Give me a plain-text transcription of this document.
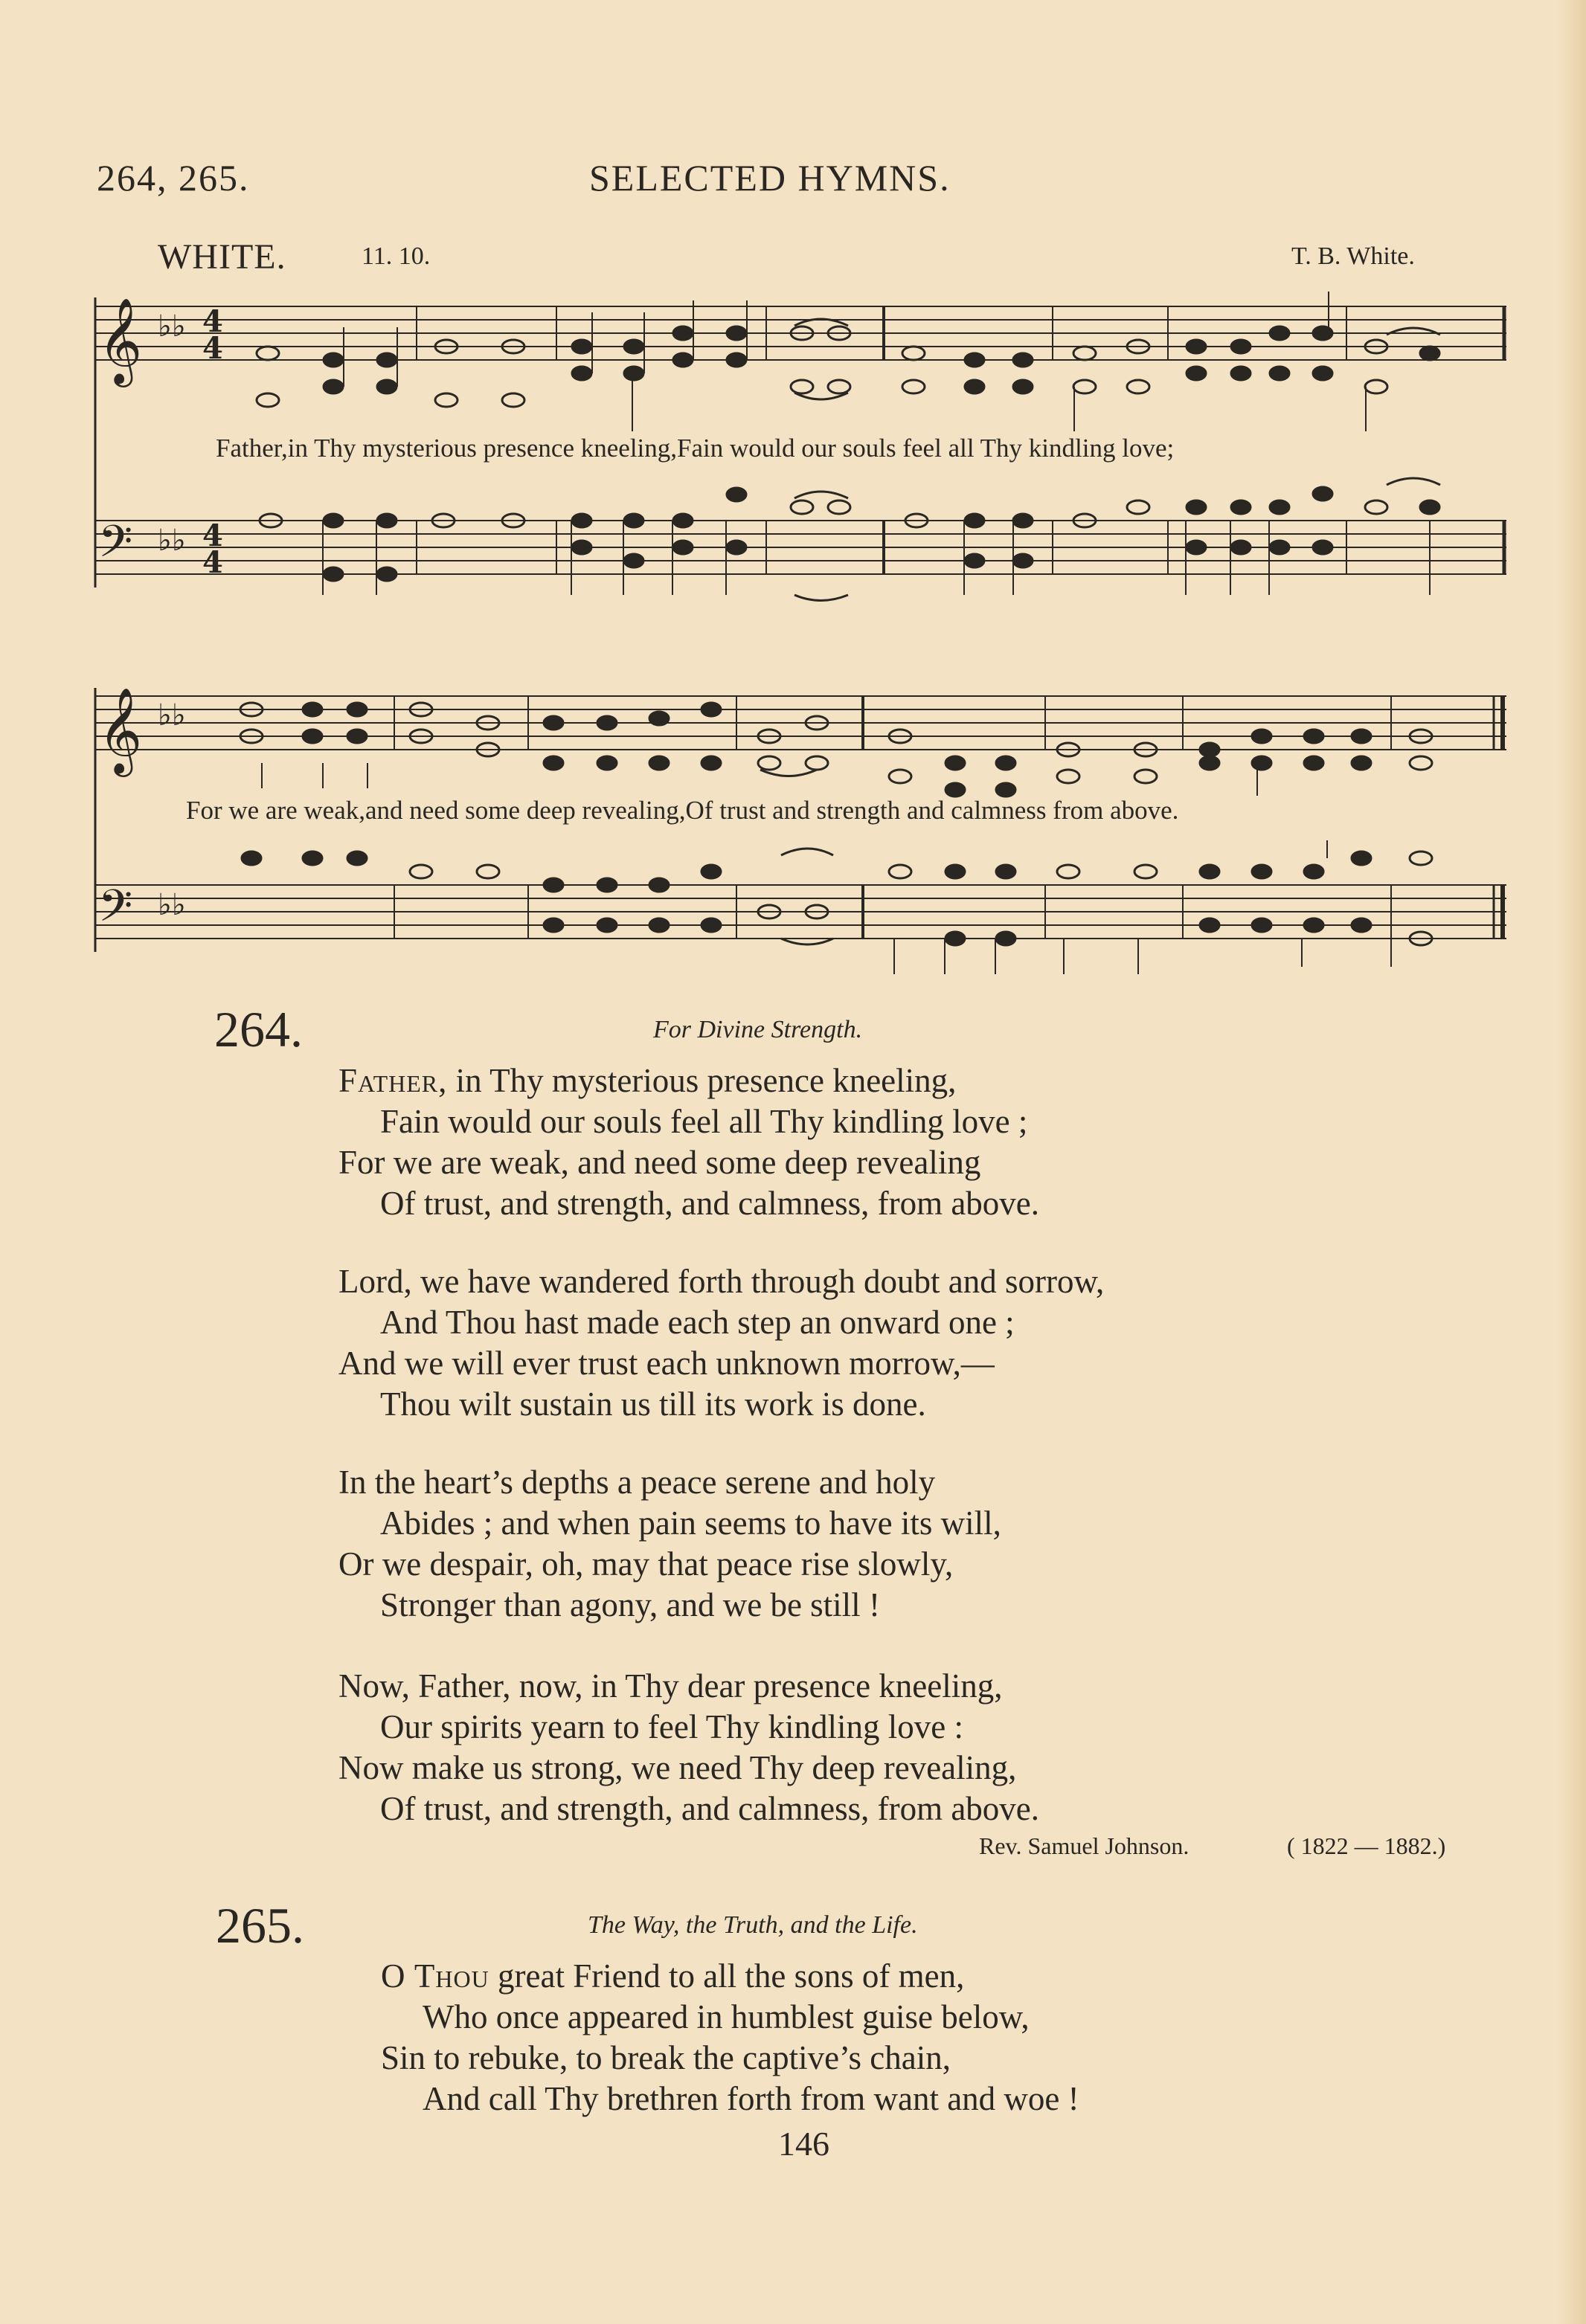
264, 265.	SELECTED HYMNS.
WHITE.	11. 10.	T. B. White.
𝄞
𝄢
𝄞
𝄢
♭♭
♭♭
♭♭
♭♭
4
4
4
4
Father,in Thy mysterious presence kneeling,Fain would our souls feel all Thy kindling love;
For we are weak,and need some deep revealing,Of trust and strength and calmness from above.
264.	For Divine Strength.
Father, in Thy mysterious presence kneeling,
Fain would our souls feel all Thy kindling love ;
For we are weak, and need some deep revealing
Of trust, and strength, and calmness, from above.
Lord, we have wandered forth through doubt and sorrow,
And Thou hast made each step an onward one ;
And we will ever trust each unknown morrow,—
Thou wilt sustain us till its work is done.
In the heart’s depths a peace serene and holy
Abides ; and when pain seems to have its will,
Or we despair, oh, may that peace rise slowly,
Stronger than agony, and we be still !
Now, Father, now, in Thy dear presence kneeling,
Our spirits yearn to feel Thy kindling love :
Now make us strong, we need Thy deep revealing,
Of trust, and strength, and calmness, from above.
Rev. Samuel Johnson.	( 1822 — 1882.)
265.	The Way, the Truth, and the Life.
O Thou great Friend to all the sons of men,
Who once appeared in humblest guise below,
Sin to rebuke, to break the captive’s chain,
And call Thy brethren forth from want and woe !
146
